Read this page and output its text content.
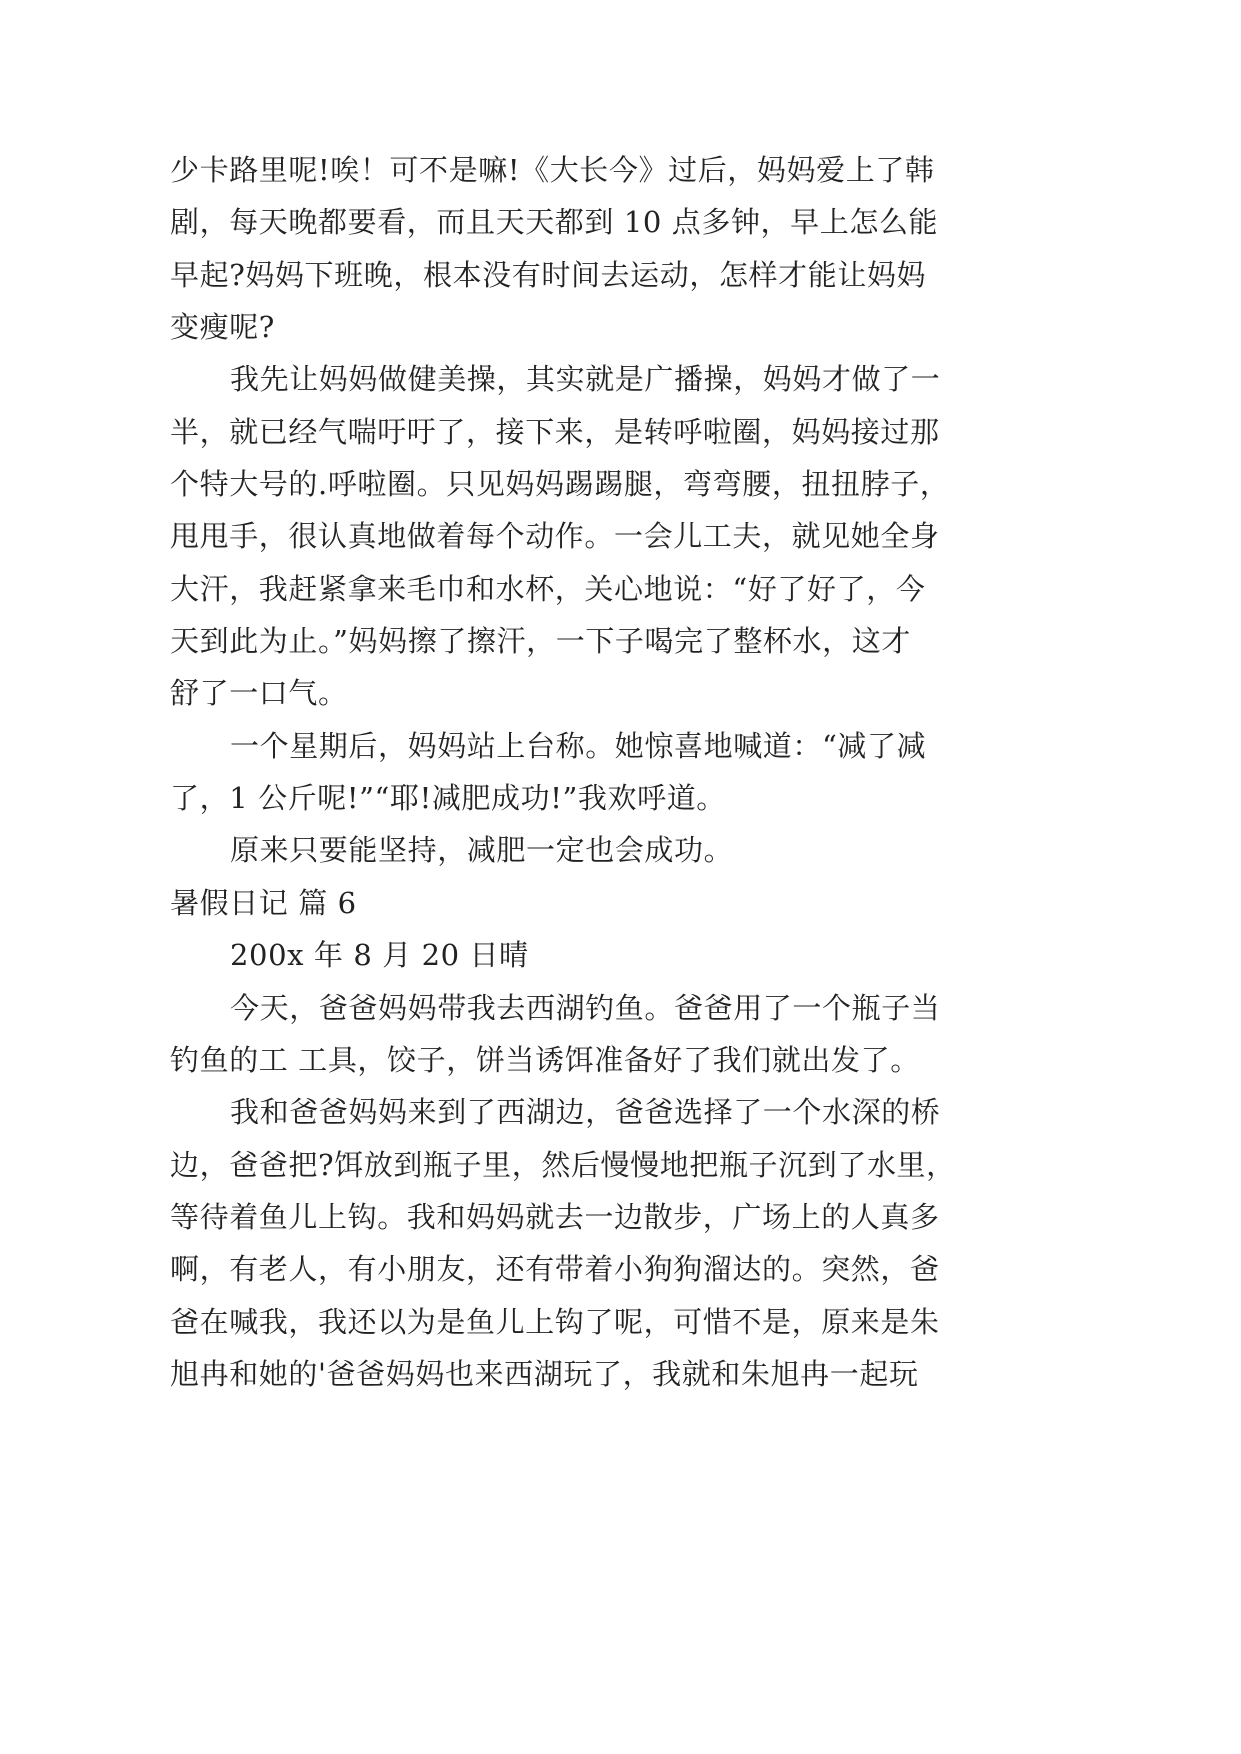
少卡路里呢!唉！可不是嘛!《大长今》过后，妈妈爱上了韩
剧，每天晚都要看，而且天天都到 10 点多钟，早上怎么能
早起?妈妈下班晚，根本没有时间去运动，怎样才能让妈妈
变瘦呢?
我先让妈妈做健美操，其实就是广播操，妈妈才做了一
半，就已经气喘吁吁了，接下来，是转呼啦圈，妈妈接过那
个特大号的.呼啦圈。只见妈妈踢踢腿，弯弯腰，扭扭脖子，
甩甩手，很认真地做着每个动作。一会儿工夫，就见她全身
大汗，我赶紧拿来毛巾和水杯，关心地说：“好了好了，今
天到此为止。”妈妈擦了擦汗，一下子喝完了整杯水，这才
舒了一口气。
一个星期后，妈妈站上台称。她惊喜地喊道：“减了减
了，1 公斤呢!”“耶!减肥成功!”我欢呼道。
原来只要能坚持，减肥一定也会成功。
暑假日记 篇 6
200x 年 8 月 20 日晴
今天，爸爸妈妈带我去西湖钓鱼。爸爸用了一个瓶子当
钓鱼的工 工具，饺子，饼当诱饵准备好了我们就出发了。
我和爸爸妈妈来到了西湖边，爸爸选择了一个水深的桥
边，爸爸把?饵放到瓶子里，然后慢慢地把瓶子沉到了水里，
等待着鱼儿上钩。我和妈妈就去一边散步，广场上的人真多
啊，有老人，有小朋友，还有带着小狗狗溜达的。突然，爸
爸在喊我，我还以为是鱼儿上钩了呢，可惜不是，原来是朱
旭冉和她的'爸爸妈妈也来西湖玩了，我就和朱旭冉一起玩
